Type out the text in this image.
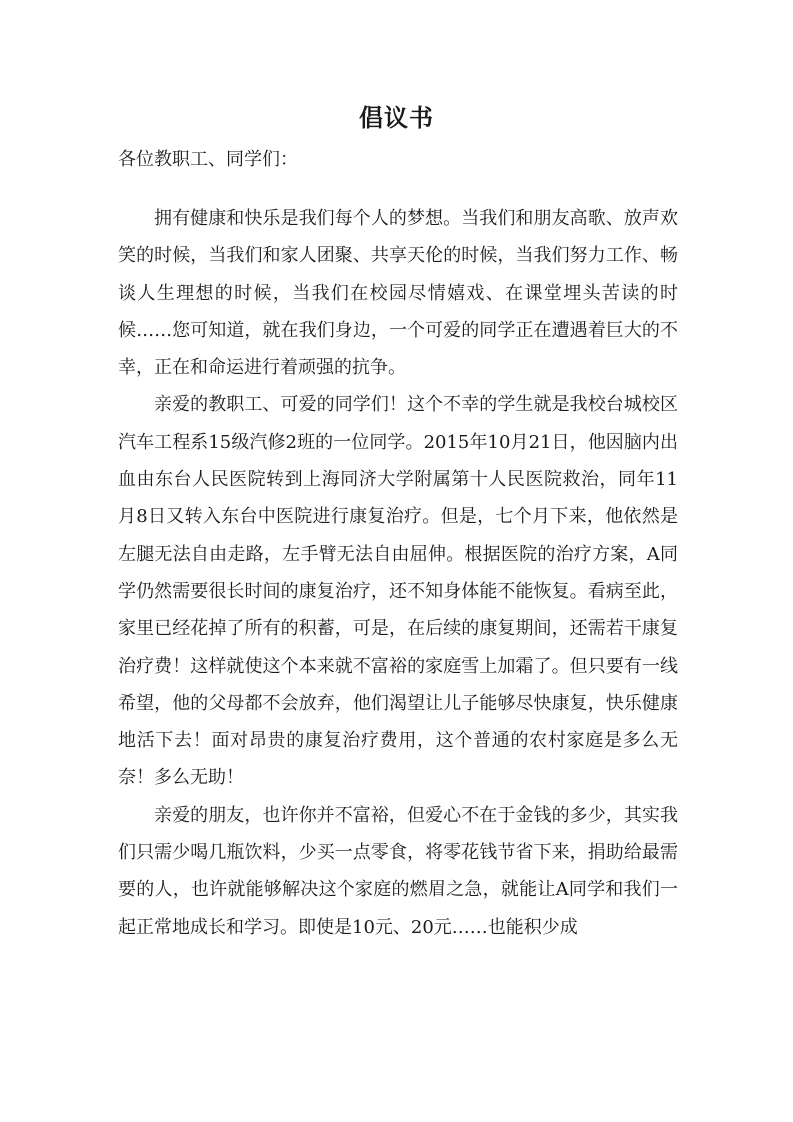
倡议书
各位教职工、同学们：

拥有健康和快乐是我们每个人的梦想。当我们和朋友高歌、放声欢笑的时候，当我们和家人团聚、共享天伦的时候，当我们努力工作、畅谈人生理想的时候，当我们在校园尽情嬉戏、在课堂埋头苦读的时候……您可知道，就在我们身边，一个可爱的同学正在遭遇着巨大的不幸，正在和命运进行着顽强的抗争。

亲爱的教职工、可爱的同学们！这个不幸的学生就是我校台城校区汽车工程系15级汽修2班的一位同学。2015年10月21日，他因脑内出血由东台人民医院转到上海同济大学附属第十人民医院救治，同年11月8日又转入东台中医院进行康复治疗。但是，七个月下来，他依然是左腿无法自由走路，左手臂无法自由屈伸。根据医院的治疗方案，A同学仍然需要很长时间的康复治疗，还不知身体能不能恢复。看病至此，家里已经花掉了所有的积蓄，可是，在后续的康复期间，还需若干康复治疗费！这样就使这个本来就不富裕的家庭雪上加霜了。但只要有一线希望，他的父母都不会放弃，他们渴望让儿子能够尽快康复，快乐健康地活下去！面对昂贵的康复治疗费用，这个普通的农村家庭是多么无奈！多么无助！

亲爱的朋友，也许你并不富裕，但爱心不在于金钱的多少，其实我们只需少喝几瓶饮料，少买一点零食，将零花钱节省下来，捐助给最需要的人，也许就能够解决这个家庭的燃眉之急，就能让A同学和我们一起正常地成长和学习。即使是10元、20元……也能积少成
